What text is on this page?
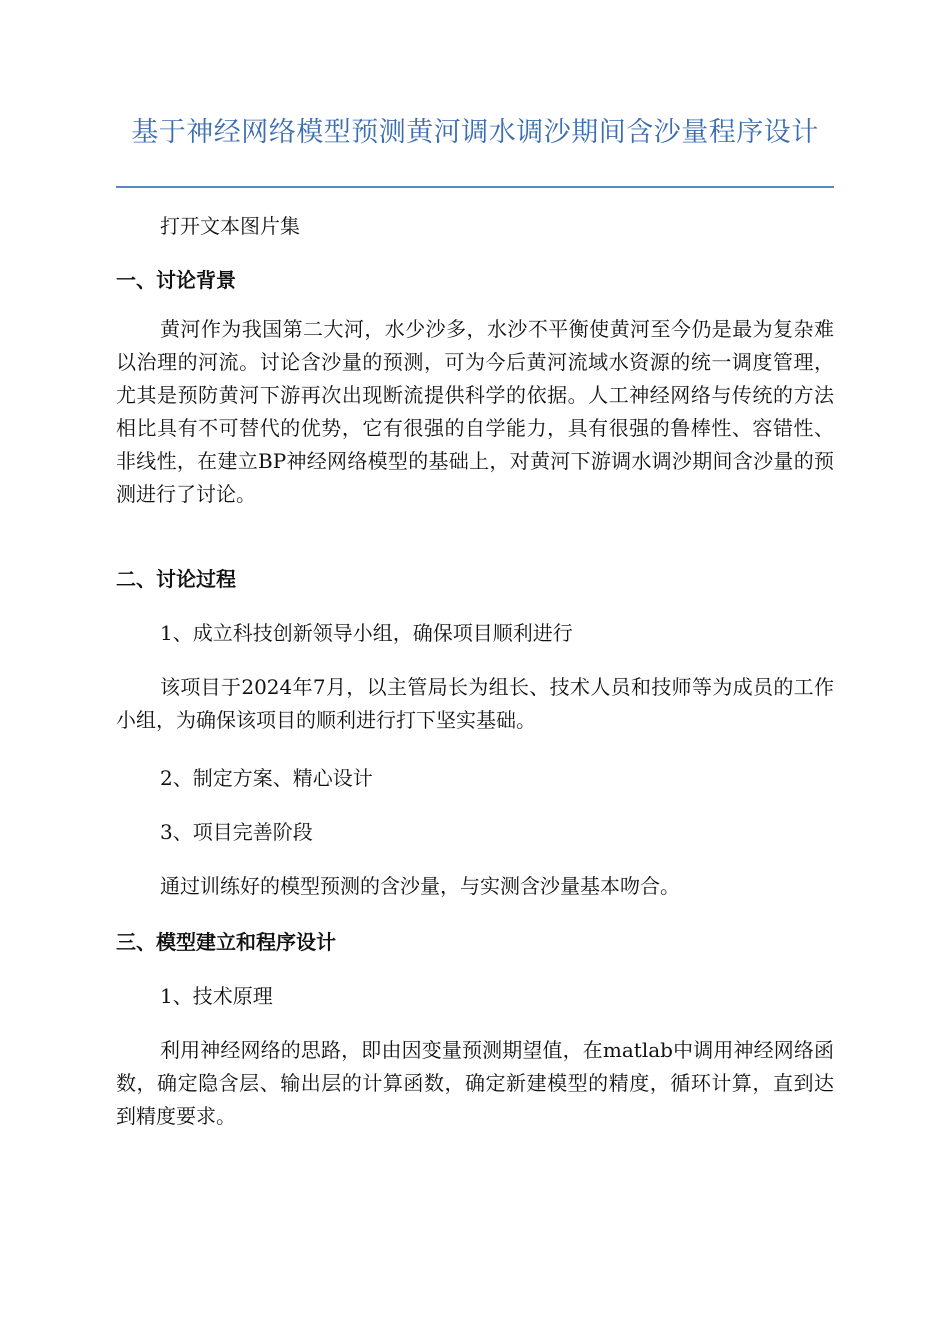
基于神经网络模型预测黄河调水调沙期间含沙量程序设计
打开文本图片集
一、讨论背景

黄河作为我国第二大河，水少沙多，水沙不平衡使黄河至今仍是最为复杂难以治理的河流。讨论含沙量的预测，可为今后黄河流域水资源的统一调度管理，尤其是预防黄河下游再次出现断流提供科学的依据。人工神经网络与传统的方法相比具有不可替代的优势，它有很强的自学能力，具有很强的鲁棒性、容错性、非线性，在建立BP神经网络模型的基础上，对黄河下游调水调沙期间含沙量的预测进行了讨论。

二、讨论过程
1、成立科技创新领导小组，确保项目顺利进行

该项目于2024年7月，以主管局长为组长、技术人员和技师等为成员的工作小组，为确保该项目的顺利进行打下坚实基础。

2、制定方案、精心设计
3、项目完善阶段
通过训练好的模型预测的含沙量，与实测含沙量基本吻合。
三、模型建立和程序设计
1、技术原理

利用神经网络的思路，即由因变量预测期望值，在matlab中调用神经网络函数，确定隐含层、输出层的计算函数，确定新建模型的精度，循环计算，直到达到精度要求。
